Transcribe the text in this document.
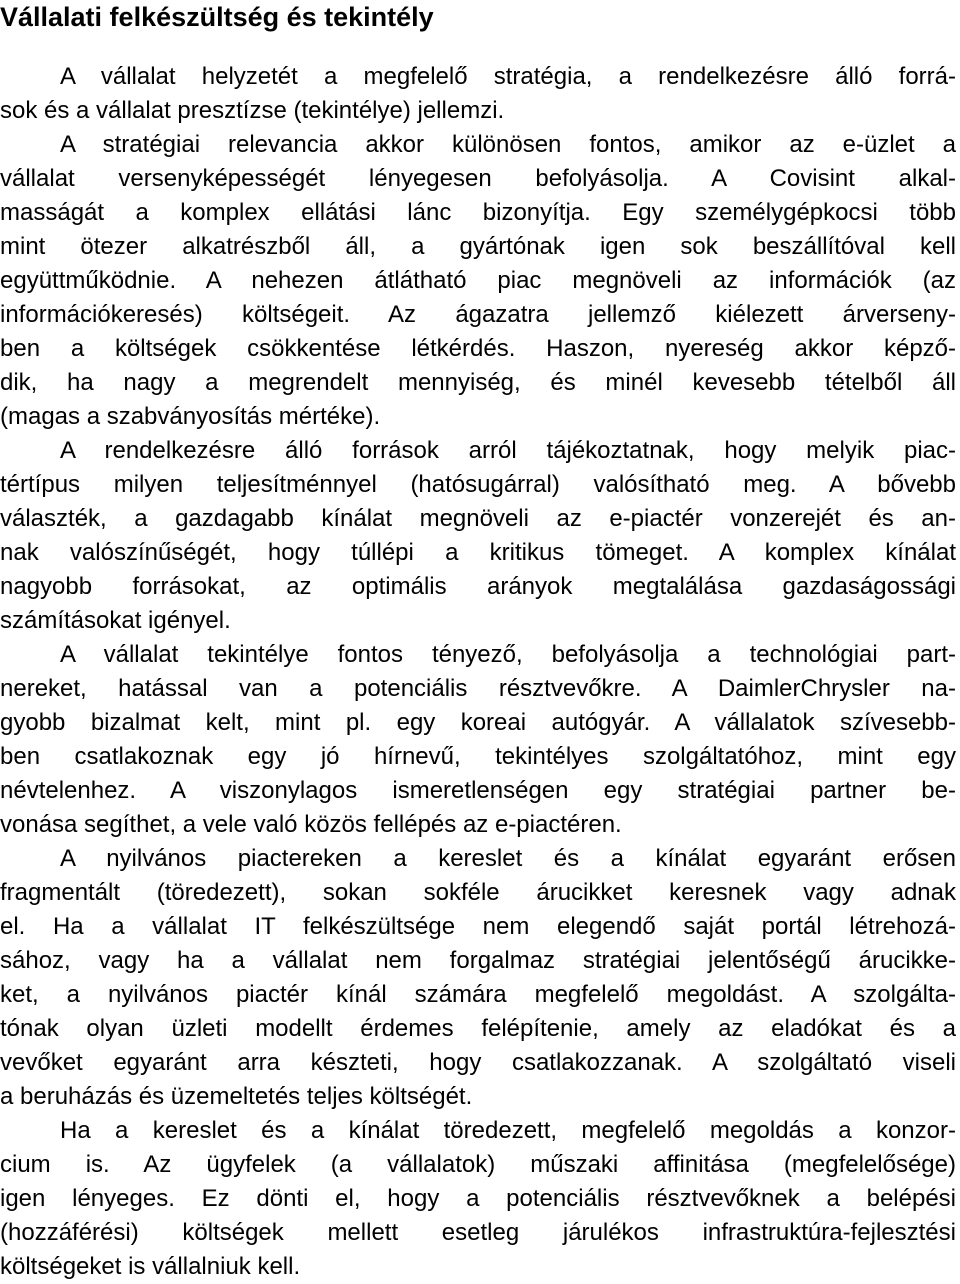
Vállalati felkészültség és tekintély
A vállalat helyzetét a megfelelő stratégia, a rendelkezésre álló forrá-
sok és a vállalat presztízse (tekintélye) jellemzi.
A stratégiai relevancia akkor különösen fontos, amikor az e-üzlet a
vállalat versenyképességét lényegesen befolyásolja. A Covisint alkal-
masságát a komplex ellátási lánc bizonyítja. Egy személygépkocsi több
mint ötezer alkatrészből áll, a gyártónak igen sok beszállítóval kell
együttműködnie. A nehezen átlátható piac megnöveli az információk (az
információkeresés) költségeit. Az ágazatra jellemző kiélezett árverseny-
ben a költségek csökkentése létkérdés. Haszon, nyereség akkor képző-
dik, ha nagy a megrendelt mennyiség, és minél kevesebb tételből áll
(magas a szabványosítás mértéke).
A rendelkezésre álló források arról tájékoztatnak, hogy melyik piac-
tértípus milyen teljesítménnyel (hatósugárral) valósítható meg. A bővebb
választék, a gazdagabb kínálat megnöveli az e-piactér vonzerejét és an-
nak valószínűségét, hogy túllépi a kritikus tömeget. A komplex kínálat
nagyobb forrásokat, az optimális arányok megtalálása gazdaságossági
számításokat igényel.
A vállalat tekintélye fontos tényező, befolyásolja a technológiai part-
nereket, hatással van a potenciális résztvevőkre. A DaimlerChrysler na-
gyobb bizalmat kelt, mint pl. egy koreai autógyár. A vállalatok szívesebb-
ben csatlakoznak egy jó hírnevű, tekintélyes szolgáltatóhoz, mint egy
névtelenhez. A viszonylagos ismeretlenségen egy stratégiai partner be-
vonása segíthet, a vele való közös fellépés az e-piactéren.
A nyilvános piactereken a kereslet és a kínálat egyaránt erősen
fragmentált (töredezett), sokan sokféle árucikket keresnek vagy adnak
el. Ha a vállalat IT felkészültsége nem elegendő saját portál létrehozá-
sához, vagy ha a vállalat nem forgalmaz stratégiai jelentőségű árucikke-
ket, a nyilvános piactér kínál számára megfelelő megoldást. A szolgálta-
tónak olyan üzleti modellt érdemes felépítenie, amely az eladókat és a
vevőket egyaránt arra készteti, hogy csatlakozzanak. A szolgáltató viseli
a beruházás és üzemeltetés teljes költségét.
Ha a kereslet és a kínálat töredezett, megfelelő megoldás a konzor-
cium is. Az ügyfelek (a vállalatok) műszaki affinitása (megfelelősége)
igen lényeges. Ez dönti el, hogy a potenciális résztvevőknek a belépési
(hozzáférési) költségek mellett esetleg járulékos infrastruktúra-fejlesztési
költségeket is vállalniuk kell.
